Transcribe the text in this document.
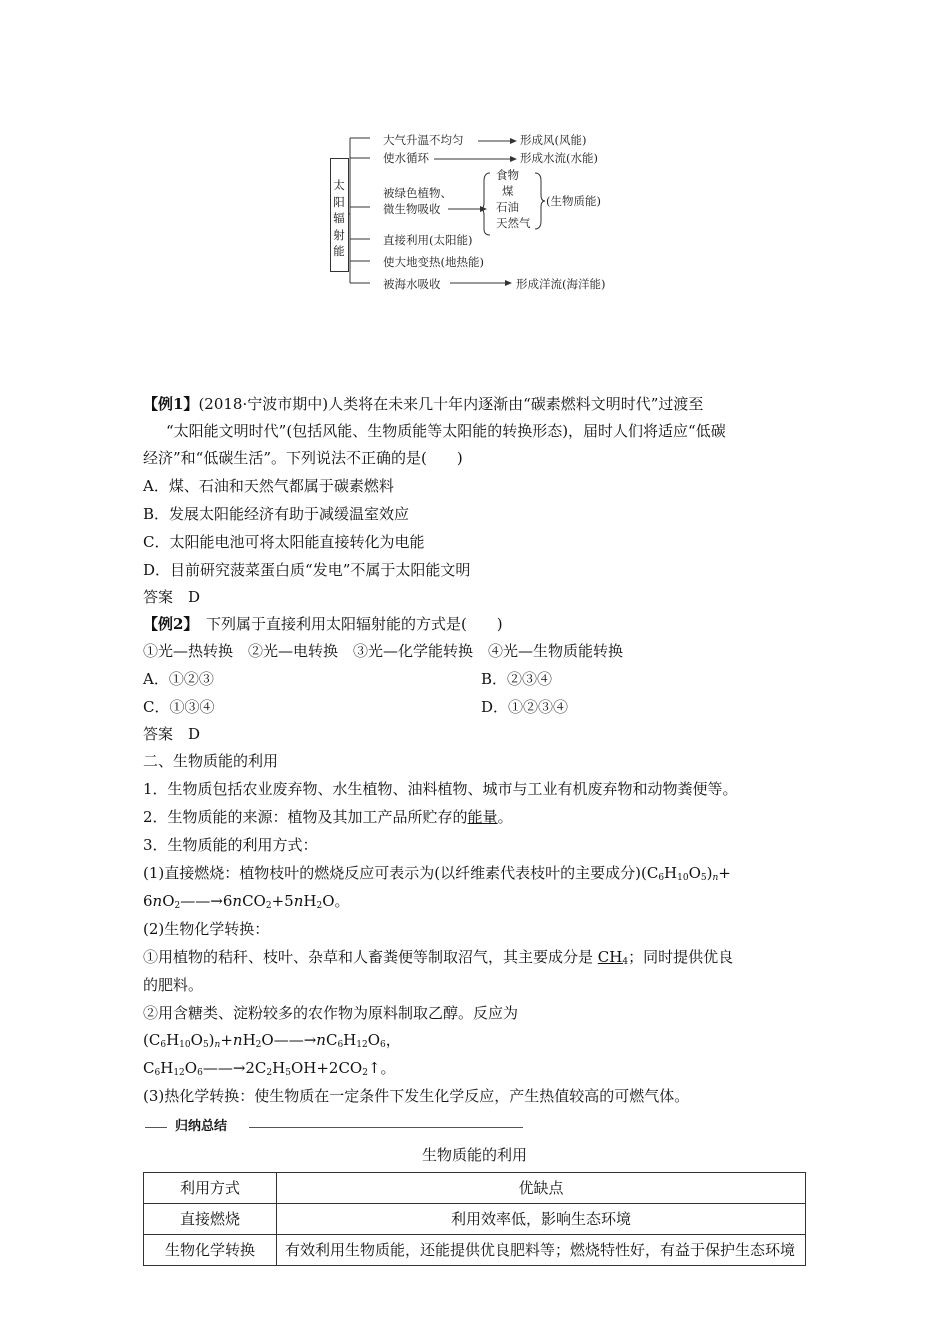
太
阳
辐
射
能
大气升温不均匀	形成风(风能)
使水循环	形成水流(水能)
被绿色植物、
微生物吸收
食物
煤
石油
天然气
(生物质能)
直接利用(太阳能)
使大地变热(地热能)
被海水吸收	形成洋流(海洋能)
【例1】(2018·宁波市期中)人类将在未来几十年内逐渐由“碳素燃料文明时代”过渡至
“太阳能文明时代”(包括风能、生物质能等太阳能的转换形态)，届时人们将适应“低碳
经济”和“低碳生活”。下列说法不正确的是(　　)
A．煤、石油和天然气都属于碳素燃料
B．发展太阳能经济有助于减缓温室效应
C．太阳能电池可将太阳能直接转化为电能
D．目前研究菠菜蛋白质“发电”不属于太阳能文明
答案　D
【例2】　 下列属于直接利用太阳辐射能的方式是(　　)
①光—热转换　②光—电转换　③光—化学能转换　④光—生物质能转换
A．①②③	B．②③④
C．①③④	D．①②③④
答案　D
二、生物质能的利用
1．生物质包括农业废弃物、水生植物、油料植物、城市与工业有机废弃物和动物粪便等。
2．生物质能的来源：植物及其加工产品所贮存的能量。
3．生物质能的利用方式：
(1)直接燃烧：植物枝叶的燃烧反应可表示为(以纤维素代表枝叶的主要成分)$(C_6H_{10}O_5)_n+$
$6nO_2——\to 6nCO_2+5nH_2O$。
(2)生物化学转换：
①用植物的秸秆、枝叶、杂草和人畜粪便等制取沼气，其主要成分是 $CH_4$；同时提供优良
的肥料。
②用含糖类、淀粉较多的农作物为原料制取乙醇。反应为
$(C_6H_{10}O_5)_n+nH_2O——\to nC_6H_{12}O_6$，
$C_6H_{12}O_6——\to 2C_2H_5OH+2CO_2↑$。
(3)热化学转换：使生物质在一定条件下发生化学反应，产生热值较高的可燃气体。
归纳总结
生物质能的利用
利用方式	优缺点
直接燃烧	利用效率低，影响生态环境
生物化学转换	有效利用生物质能，还能提供优良肥料等；燃烧特性好，有益于保护生态环境
